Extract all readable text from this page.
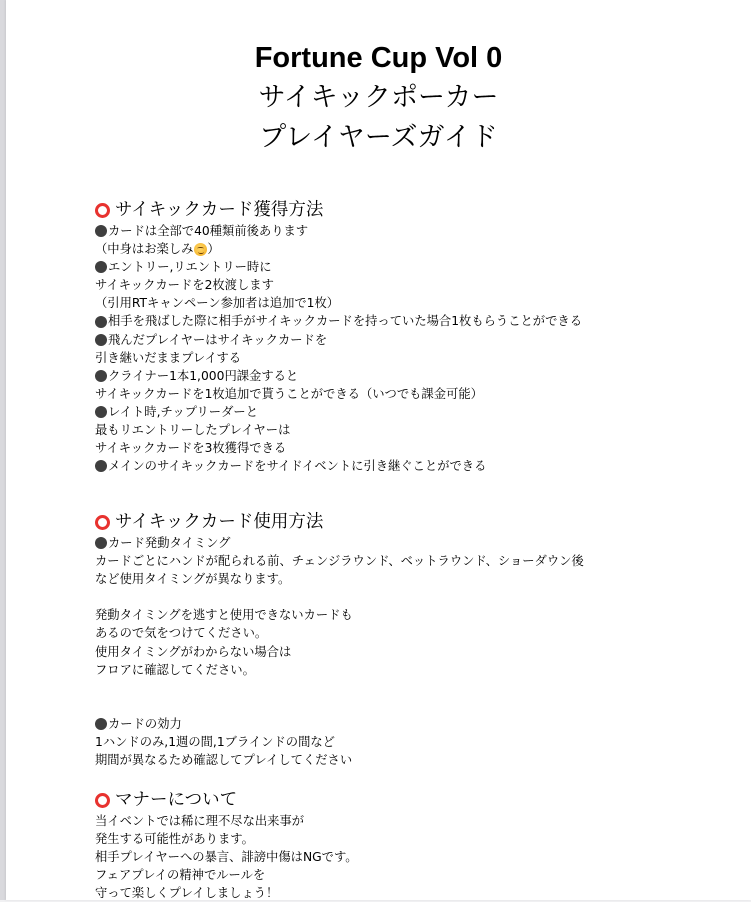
Fortune Cup Vol 0
サイキックポーカー
プレイヤーズガイド
サイキックカード獲得方法
カードは全部で40種類前後あります
（中身はお楽しみ ）
エントリー,リエントリー時に
サイキックカードを2枚渡します
（引用RTキャンペーン参加者は追加で1枚）
相手を飛ばした際に相手がサイキックカードを持っていた場合1枚もらうことができる
飛んだプレイヤーはサイキックカードを
引き継いだままプレイする
クライナー1本1,000円課金すると
サイキックカードを1枚追加で貰うことができる（いつでも課金可能）
レイト時,チップリーダーと
最もリエントリーしたプレイヤーは
サイキックカードを3枚獲得できる
メインのサイキックカードをサイドイベントに引き継ぐことができる
サイキックカード使用方法
カード発動タイミング
カードごとにハンドが配られる前、チェンジラウンド、ベットラウンド、ショーダウン後
など使用タイミングが異なります。
発動タイミングを逃すと使用できないカードも
あるので気をつけてください。
使用タイミングがわからない場合は
フロアに確認してください。
カードの効力
1ハンドのみ,1週の間,1ブラインドの間など
期間が異なるため確認してプレイしてください
マナーについて
当イベントでは稀に理不尽な出来事が
発生する可能性があります。
相手プレイヤーへの暴言、誹謗中傷はNGです。
フェアプレイの精神でルールを
守って楽しくプレイしましょう！
